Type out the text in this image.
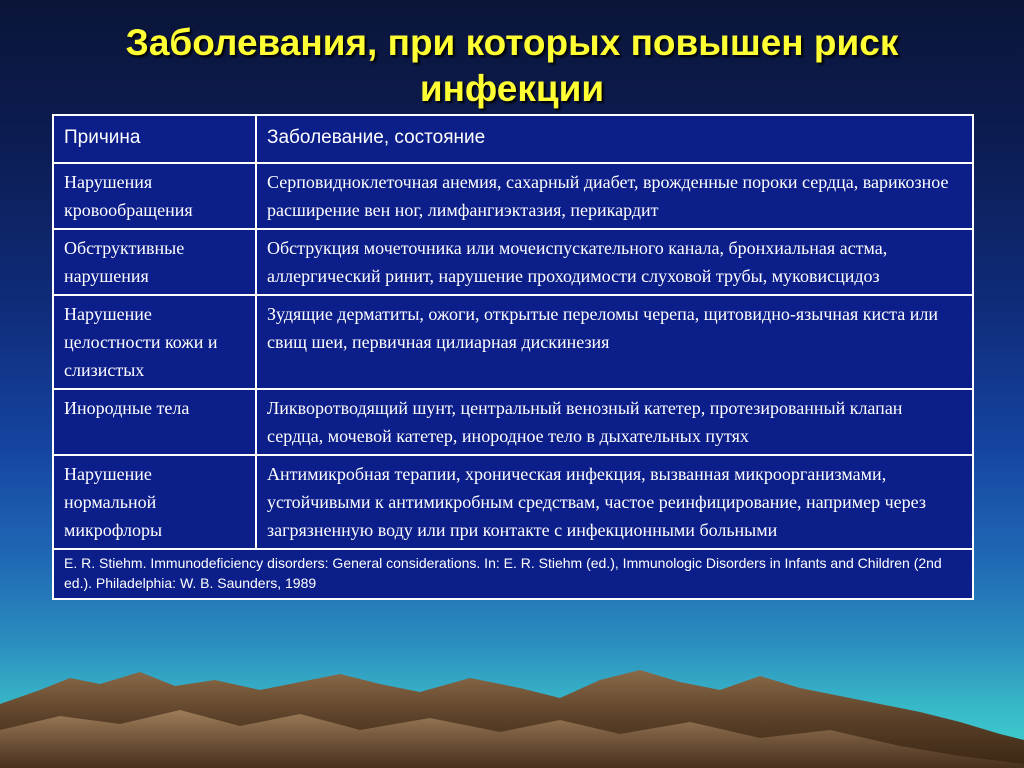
Заболевания, при которых повышен риск
инфекции
Причина	Заболевание, состояние
Нарушения кровообращения	Серповидноклеточная анемия, сахарный диабет, врожденные пороки сердца, варикозное расширение вен ног, лимфангиэктазия, перикардит
Обструктивные нарушения	Обструкция мочеточника или мочеиспускательного канала, бронхиальная астма, аллергический ринит, нарушение проходимости слуховой трубы, муковисцидоз
Нарушение целостности кожи и слизистых	Зудящие дерматиты, ожоги, открытые переломы черепа, щитовидно-язычная киста или свищ шеи, первичная цилиарная дискинезия
Инородные тела	Ликворотводящий шунт, центральный венозный катетер, протезированный клапан сердца, мочевой катетер, инородное тело в дыхательных путях
Нарушение нормальной микрофлоры	Антимикробная терапии, хроническая инфекция, вызванная микроорганизмами, устойчивыми к антимикробным средствам, частое реинфицирование, например через загрязненную воду или при контакте с инфекционными больными
E. R. Stiehm. Immunodeficiency disorders: General considerations. In: E. R. Stiehm (ed.), Immunologic Disorders in Infants and Children (2nd ed.). Philadelphia: W. B. Saunders, 1989	
